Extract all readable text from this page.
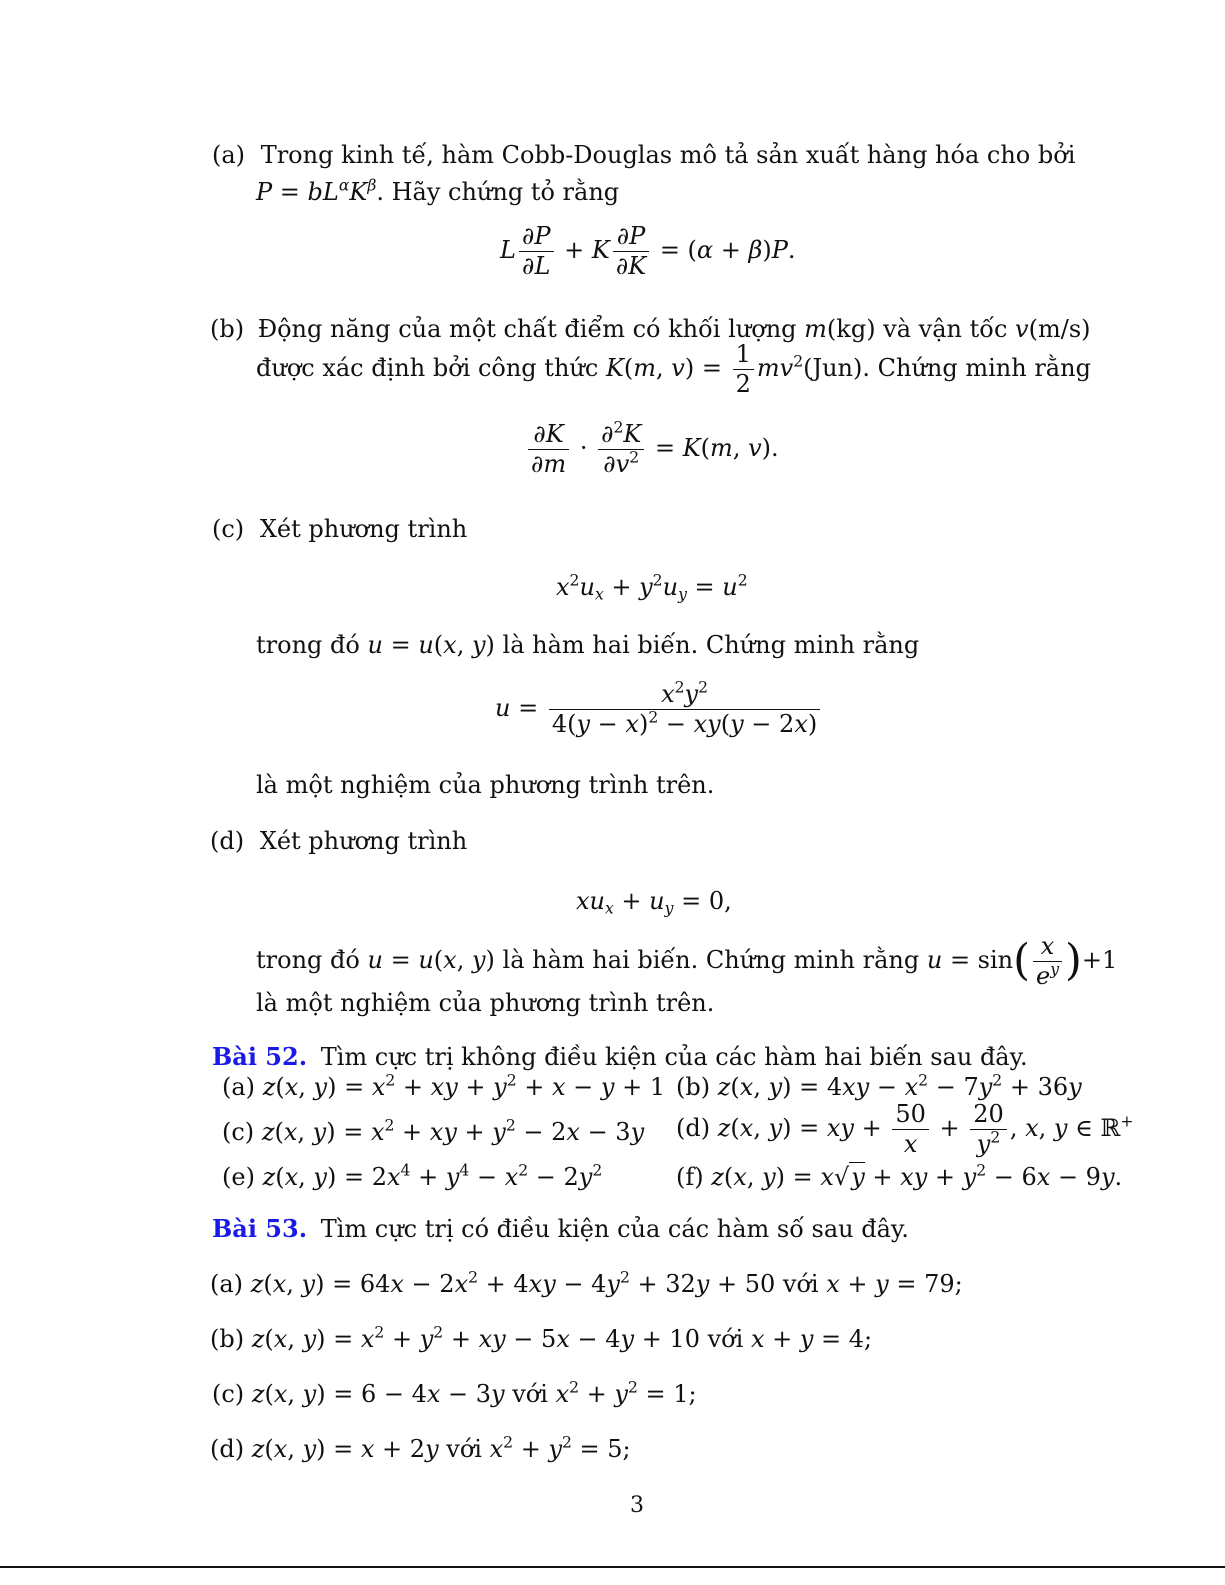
(a) Trong kinh tế, hàm Cobb-Douglas mô tả sản xuất hàng hóa cho bởi
$P = bL^\alpha K^\beta$. Hãy chứng tỏ rằng
L $\frac{\partial P}{\partial L} + K \frac{\partial P}{\partial K} = (\alpha + \beta)P$.
(b) Động năng của một chất điểm có khối lượng m(kg) và vận tốc v(m/s)
được xác định bởi công thức K(m, $v) = \frac{1}{2} mv^2(Jun)$. Chứng minh rằng
$\frac{\partial K}{\partial m} \cdot \frac{\partial^2K}{\partial v^2} = K(m$, v).
(c) Xét phương trình
$x^2u_x + y^2u_y = u^2$
trong đó u = u(x, y) là hàm hai biến. Chứng minh rằng
$u = \frac{x^2y^2}{4(y - x)^2 - xy(y - 2x)}$
là một nghiệm của phương trình trên.
(d) Xét phương trình
$xu_x + u_y = 0$,
trong đó u = u(x, y) là hàm hai biến. Chứng minh rằng $u = \sin( \frac{x}{e^y} )+1$
là một nghiệm của phương trình trên.
Bài 52. Tìm cực trị không điều kiện của các hàm hai biến sau đây.
(a) z(x, $y) = x^2$ + xy + $y^2 + x - y + 1$ (b) z(x, $y) = 4xy - x^2 - 7y^2 + 36y$
(c) z(x, $y) = x^2$ + xy + $y^2 - 2x - 3y$ (d) z(x, y) = xy + $\frac{50}{x} + \frac{20}{y^2}$ , x, y ∈ ℝ+
(e) z(x, $y) = 2x^4 + y^4 - x^2 - 2y^2$	(f) z(x, y) = x√y + xy + $y^2 - 6x - 9y$.
Bài 53. Tìm cực trị có điều kiện của các hàm số sau đây.
(a) z(x, $y) = 64x - 2x^2 + 4xy - 4y^2 + 32y + 50$ với x + y = 79;
(b) z(x, $y) = x^2 + y^2$ + xy − 5x − 4y + 10 với x + y = 4;
(c) z(x, y) = 6 − 4x − 3y với $x^2 + y^2 = 1$;
(d) z(x, y) = x + 2y với $x^2 + y^2 = 5$;
3
